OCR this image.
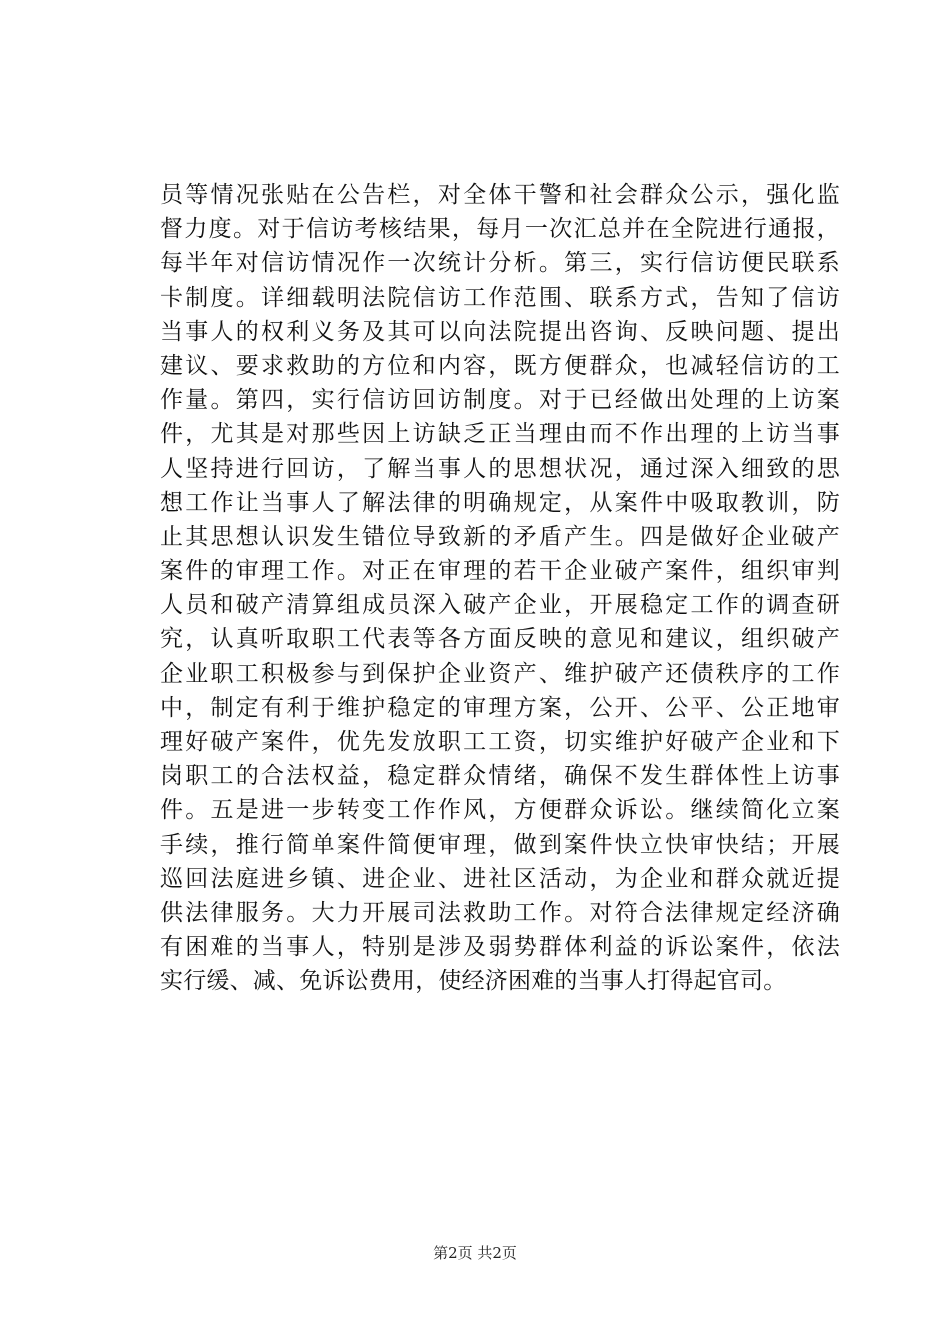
员等情况张贴在公告栏，对全体干警和社会群众公示，强化监
督力度。对于信访考核结果，每月一次汇总并在全院进行通报，
每半年对信访情况作一次统计分析。第三，实行信访便民联系
卡制度。详细载明法院信访工作范围、联系方式，告知了信访
当事人的权利义务及其可以向法院提出咨询、反映问题、提出
建议、要求救助的方位和内容，既方便群众，也减轻信访的工
作量。第四，实行信访回访制度。对于已经做出处理的上访案
件，尤其是对那些因上访缺乏正当理由而不作出理的上访当事
人坚持进行回访，了解当事人的思想状况，通过深入细致的思
想工作让当事人了解法律的明确规定，从案件中吸取教训，防
止其思想认识发生错位导致新的矛盾产生。四是做好企业破产
案件的审理工作。对正在审理的若干企业破产案件，组织审判
人员和破产清算组成员深入破产企业，开展稳定工作的调查研
究，认真听取职工代表等各方面反映的意见和建议，组织破产
企业职工积极参与到保护企业资产、维护破产还债秩序的工作
中，制定有利于维护稳定的审理方案，公开、公平、公正地审
理好破产案件，优先发放职工工资，切实维护好破产企业和下
岗职工的合法权益，稳定群众情绪，确保不发生群体性上访事
件。五是进一步转变工作作风，方便群众诉讼。继续简化立案
手续，推行简单案件简便审理，做到案件快立快审快结；开展
巡回法庭进乡镇、进企业、进社区活动，为企业和群众就近提
供法律服务。大力开展司法救助工作。对符合法律规定经济确
有困难的当事人，特别是涉及弱势群体利益的诉讼案件，依法
实行缓、减、免诉讼费用，使经济困难的当事人打得起官司。
第2页 共2页
